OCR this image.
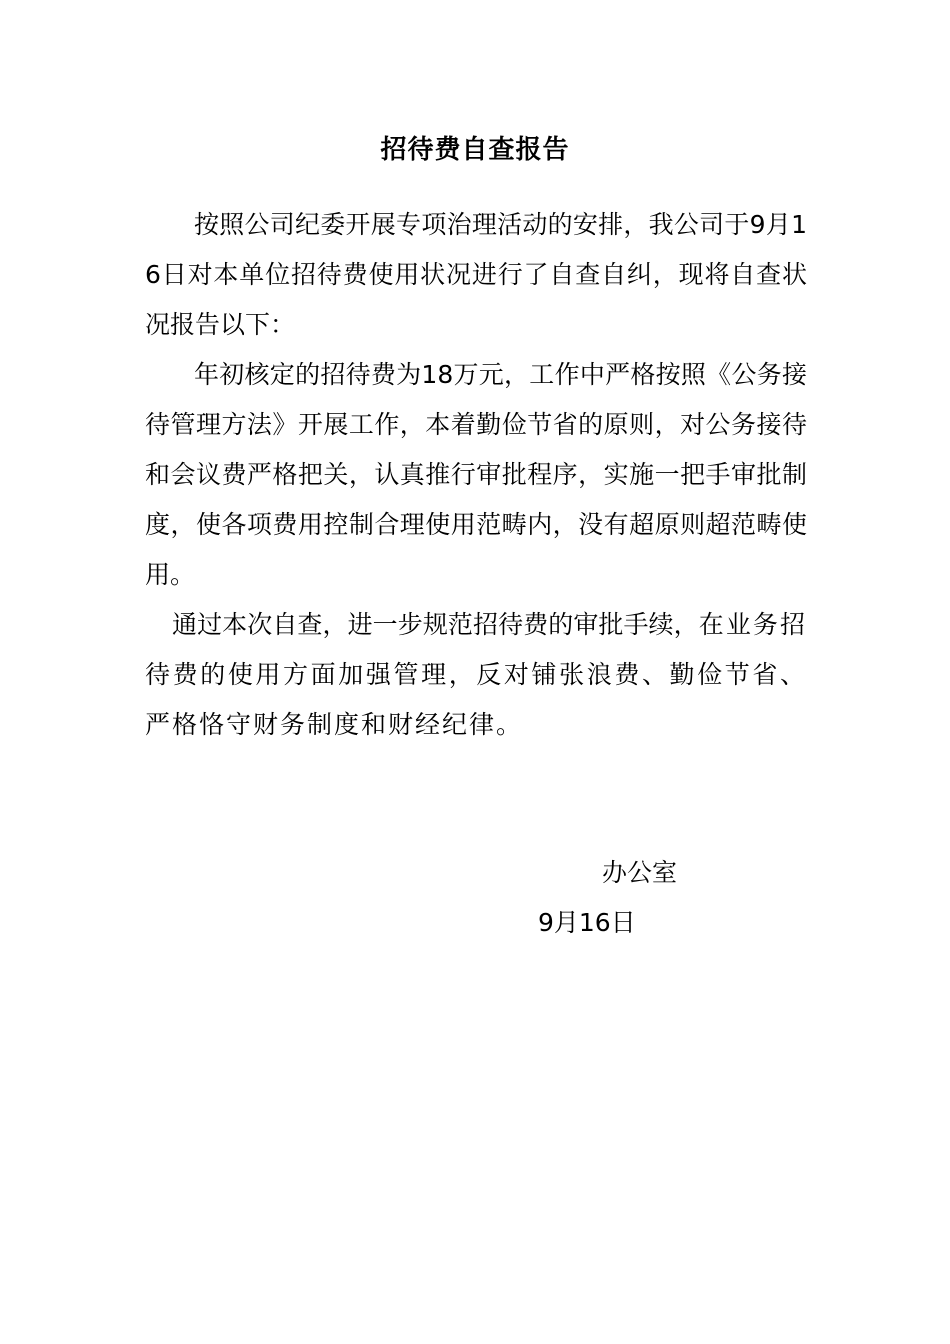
招待费自查报告

按照公司纪委开展专项治理活动的安排，我公司于9月16日对本单位招待费使用状况进行了自查自纠，现将自查状况报告以下：

年初核定的招待费为18万元，工作中严格按照《公务接待管理方法》开展工作，本着勤俭节省的原则，对公务接待和会议费严格把关，认真推行审批程序，实施一把手审批制度，使各项费用控制合理使用范畴内，没有超原则超范畴使用。

通过本次自查，进一步规范招待费的审批手续，在业务招待费的使用方面加强管理，反对铺张浪费、勤俭节省、严格恪守财务制度和财经纪律。

办公室
9月16日
